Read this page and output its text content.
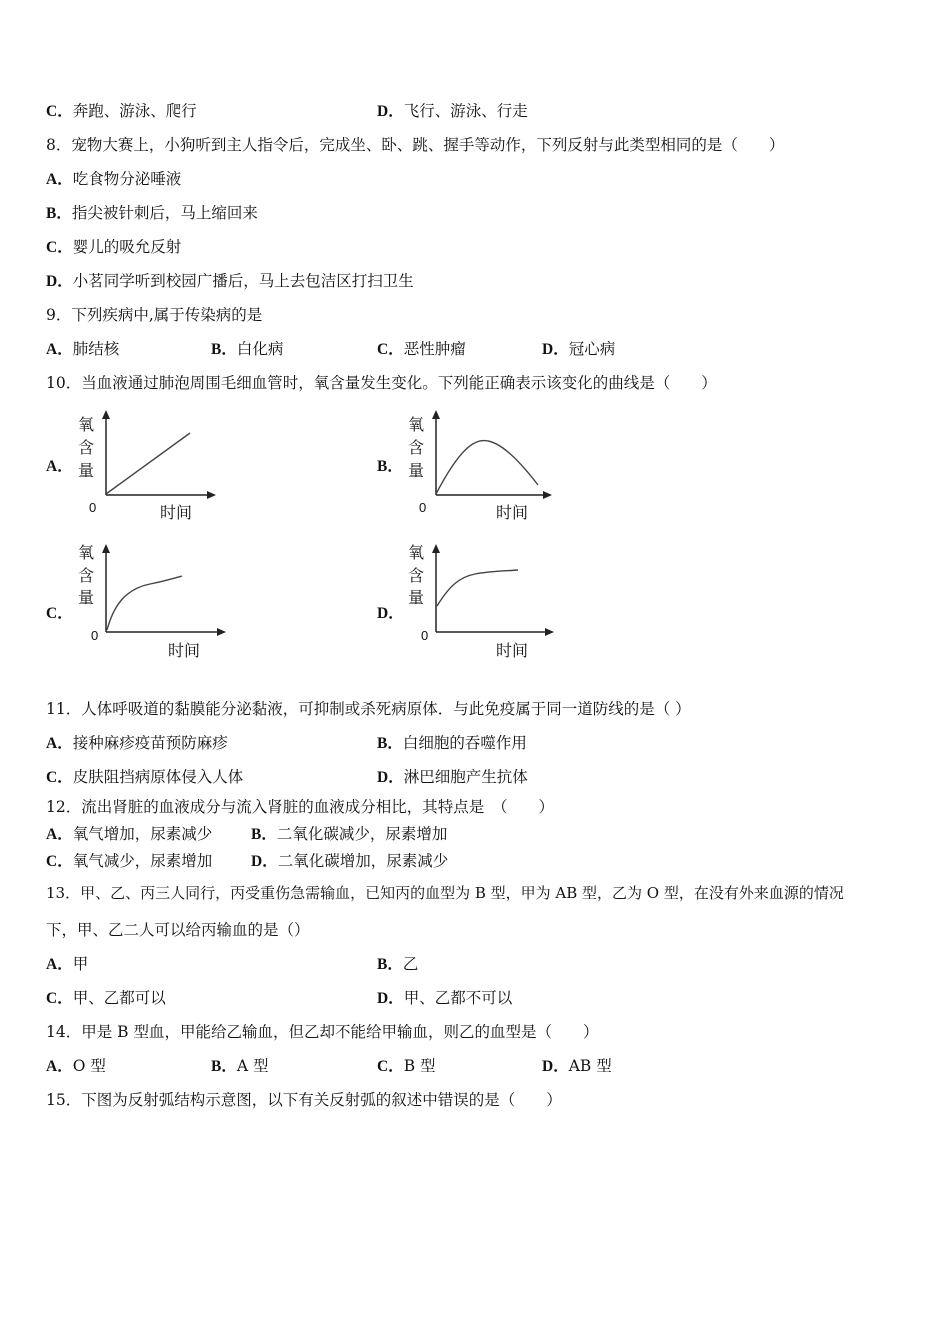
C．奔跑、游泳、爬行	D．飞行、游泳、行走
8．宠物大赛上，小狗听到主人指令后，完成坐、卧、跳、握手等动作，下列反射与此类型相同的是（　　）
A．吃食物分泌唾液
B．指尖被针刺后，马上缩回来
C．婴儿的吸允反射
D．小茗同学听到校园广播后，马上去包洁区打扫卫生
9．下列疾病中,属于传染病的是
A．肺结核	B．白化病	C．恶性肿瘤	D．冠心病
10．当血液通过肺泡周围毛细血管时，氧含量发生变化。下列能正确表示该变化的曲线是（　　）
A．
氧
含
量
0	时间
B．
氧
含
量
0	时间
C．
氧
含
量
0
时间
D．
氧
含
量
0
时间
11．人体呼吸道的黏膜能分泌黏液，可抑制或杀死病原体．与此免疫属于同一道防线的是（ ）
A．接种麻疹疫苗预防麻疹	B．白细胞的吞噬作用
C．皮肤阻挡病原体侵入人体	D．淋巴细胞产生抗体
12．流出肾脏的血液成分与流入肾脏的血液成分相比，其特点是　（　　）
A．氧气增加，尿素减少	B．二氧化碳减少，尿素增加
C．氧气减少，尿素增加	D．二氧化碳增加，尿素减少
13．甲、乙、丙三人同行，丙受重伤急需输血，已知丙的血型为 B 型，甲为 AB 型，乙为 O 型，在没有外来血源的情况
下，甲、乙二人可以给丙输血的是（）
A．甲	B．乙
C．甲、乙都可以	D．甲、乙都不可以
14．甲是 B 型血，甲能给乙输血，但乙却不能给甲输血，则乙的血型是（　　）
A．O 型	B．A 型	C．B 型	D．AB 型
15．下图为反射弧结构示意图，以下有关反射弧的叙述中错误的是（　　）
